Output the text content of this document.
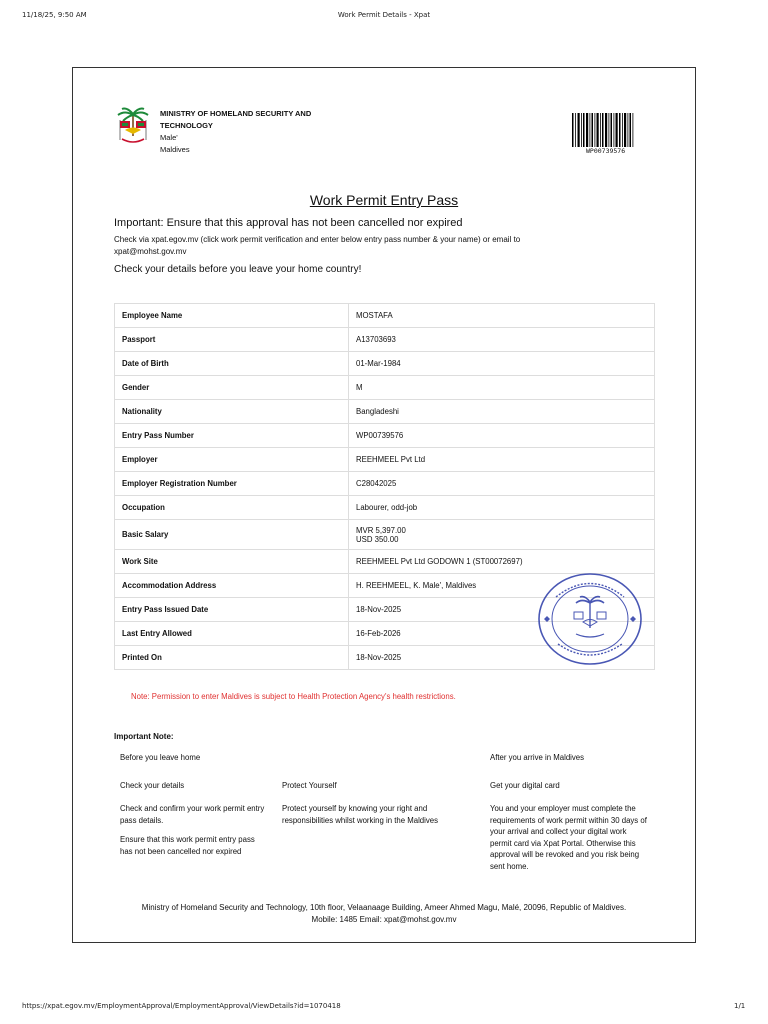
11/18/25, 9:50 AM	Work Permit Details - Xpat
MINISTRY OF HOMELAND SECURITY AND TECHNOLOGY
Male'
Maldives	WP00739576
Work Permit Entry Pass
Important: Ensure that this approval has not been cancelled nor expired
Check via xpat.egov.mv (click work permit verification and enter below entry pass number & your name) or email to xpat@mohst.gov.mv
Check your details before you leave your home country!
Employee Name	MOSTAFA

Passport	A13703693

Date of Birth	01-Mar-1984

Gender	M

Nationality	Bangladeshi

Entry Pass Number	WP00739576

Employer	REEHMEEL Pvt Ltd

Employer Registration Number	C28042025

Occupation	Labourer, odd-job

Basic Salary	MVR 5,397.00
USD 350.00

Work Site	REEHMEEL Pvt Ltd GODOWN 1 (ST00072697)

Accommodation Address	H. REEHMEEL, K. Male', Maldives

Entry Pass Issued Date	18-Nov-2025

Last Entry Allowed	16-Feb-2026

Printed On	18-Nov-2025
Note: Permission to enter Maldives is subject to Health Protection Agency's health restrictions.
Important Note:
Before you leave home	After you arrive in Maldives
Check your details	Protect Yourself	Get your digital card
Check and confirm your work permit entry pass details.
Ensure that this work permit entry pass has not been cancelled nor expired
Protect yourself by knowing your right and responsibilities whilst working in the Maldives
You and your employer must complete the requirements of work permit within 30 days of your arrival and collect your digital work permit card via Xpat Portal. Otherwise this approval will be revoked and you risk being sent home.
Ministry of Homeland Security and Technology, 10th floor, Velaanaage Building, Ameer Ahmed Magu, Malé, 20096, Republic of Maldives.
Mobile: 1485 Email: xpat@mohst.gov.mv
https://xpat.egov.mv/EmploymentApproval/EmploymentApproval/ViewDetails?id=1070418	1/1
